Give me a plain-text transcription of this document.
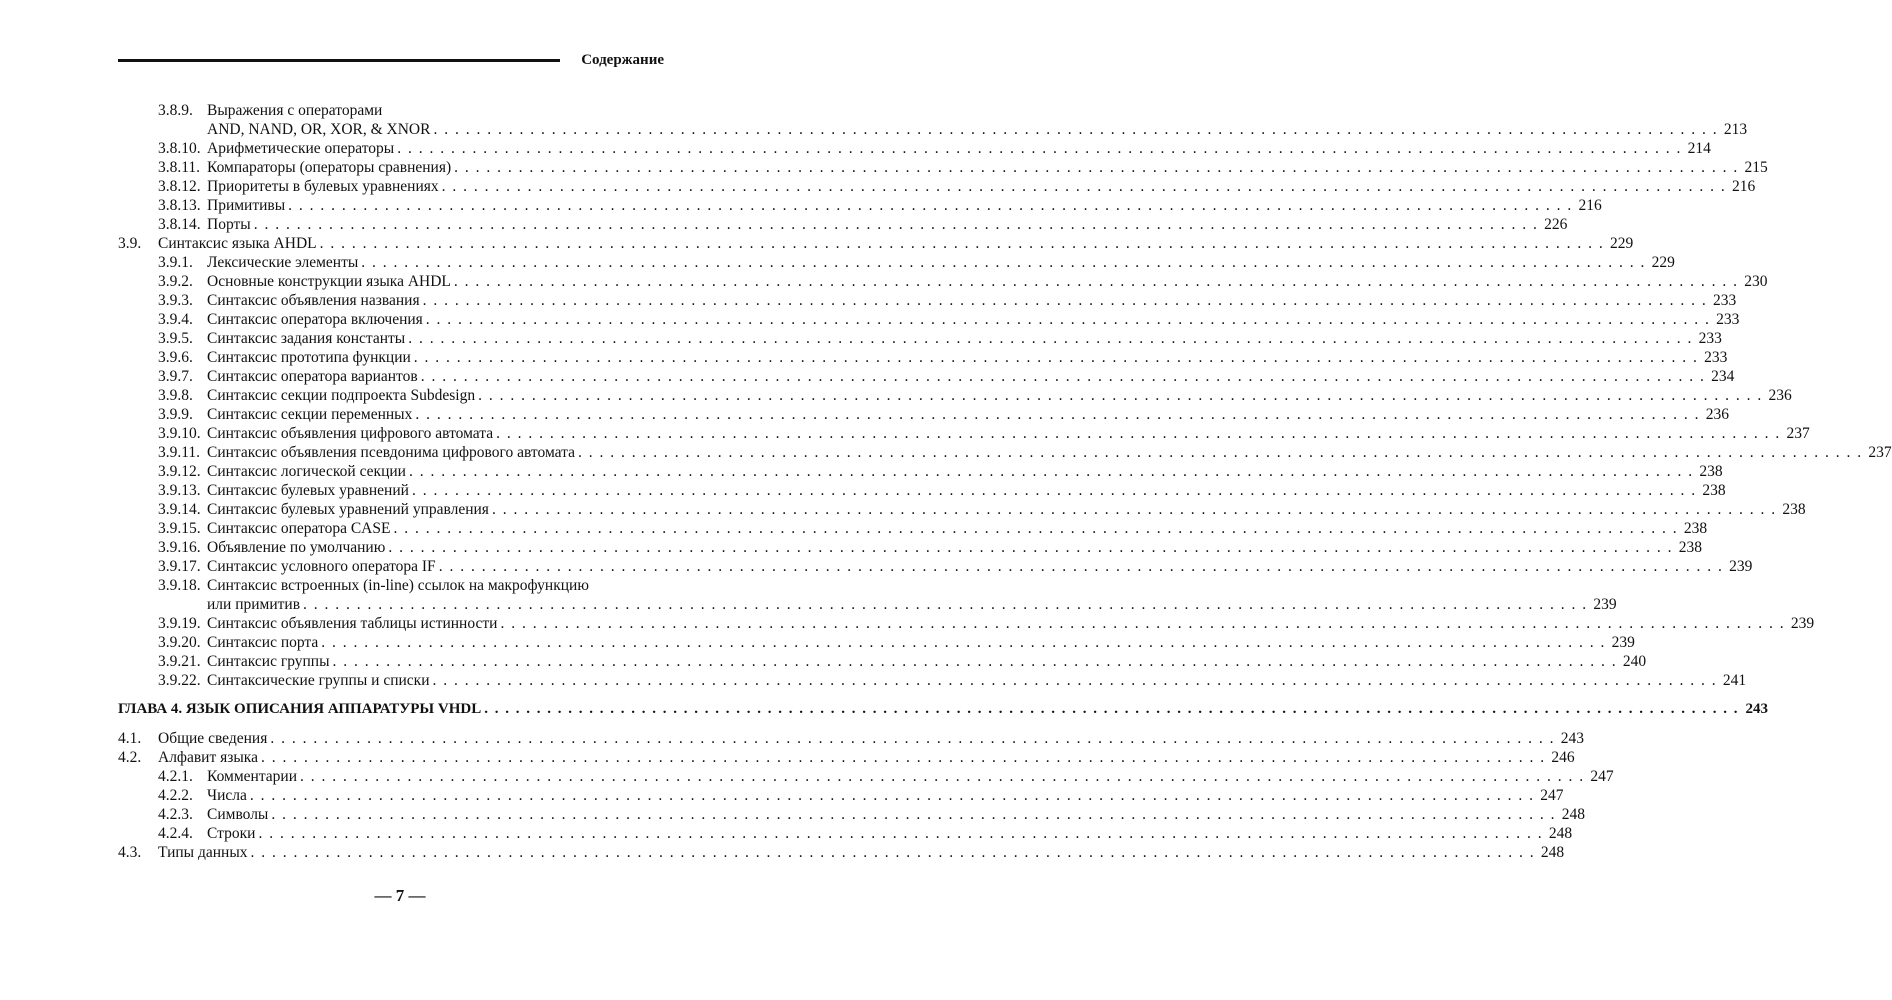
Содержание
3.8.9. Выражения с операторами
AND, NAND, OR, XOR, & XNOR . . . . . . . . . . . . . . . . . . . . . . . . . . . . . . . . . . . . . . . . . . . . . . . . . . . . . . . . . . . . . . . . . . . . . . . . . . . . . . . . . . . . . . . . . . . . . . . . . . . . . . . . . . . . . . . . . . . . . . . . 213
3.8.10. Арифметические операторы . . . . . . . . . . . . . . . . . . . . . . . . . . . . . . . . . . . . . . . . . . . . . . . . . . . . . . . . . . . . . . . . . . . . . . . . . . . . . . . . . . . . . . . . . . . . . . . . . . . . . . . . . . . . . . . . . . . . . . . . 214
3.8.11. Компараторы (операторы сравнения) . . . . . . . . . . . . . . . . . . . . . . . . . . . . . . . . . . . . . . . . . . . . . . . . . . . . . . . . . . . . . . . . . . . . . . . . . . . . . . . . . . . . . . . . . . . . . . . . . . . . . . . . . . . . . . . . . . . . . . . . 215
3.8.12. Приоритеты в булевых уравнениях . . . . . . . . . . . . . . . . . . . . . . . . . . . . . . . . . . . . . . . . . . . . . . . . . . . . . . . . . . . . . . . . . . . . . . . . . . . . . . . . . . . . . . . . . . . . . . . . . . . . . . . . . . . . . . . . . . . . . . . . 216
3.8.13. Примитивы . . . . . . . . . . . . . . . . . . . . . . . . . . . . . . . . . . . . . . . . . . . . . . . . . . . . . . . . . . . . . . . . . . . . . . . . . . . . . . . . . . . . . . . . . . . . . . . . . . . . . . . . . . . . . . . . . . . . . . . . 216
3.8.14. Порты . . . . . . . . . . . . . . . . . . . . . . . . . . . . . . . . . . . . . . . . . . . . . . . . . . . . . . . . . . . . . . . . . . . . . . . . . . . . . . . . . . . . . . . . . . . . . . . . . . . . . . . . . . . . . . . . . . . . . . . . 226
3.9. Синтаксис языка AHDL . . . . . . . . . . . . . . . . . . . . . . . . . . . . . . . . . . . . . . . . . . . . . . . . . . . . . . . . . . . . . . . . . . . . . . . . . . . . . . . . . . . . . . . . . . . . . . . . . . . . . . . . . . . . . . . . . . . . . . . . 229
3.9.1. Лексические элементы . . . . . . . . . . . . . . . . . . . . . . . . . . . . . . . . . . . . . . . . . . . . . . . . . . . . . . . . . . . . . . . . . . . . . . . . . . . . . . . . . . . . . . . . . . . . . . . . . . . . . . . . . . . . . . . . . . . . . . . . 229
3.9.2. Основные конструкции языка AHDL . . . . . . . . . . . . . . . . . . . . . . . . . . . . . . . . . . . . . . . . . . . . . . . . . . . . . . . . . . . . . . . . . . . . . . . . . . . . . . . . . . . . . . . . . . . . . . . . . . . . . . . . . . . . . . . . . . . . . . . . 230
3.9.3. Синтаксис объявления названия . . . . . . . . . . . . . . . . . . . . . . . . . . . . . . . . . . . . . . . . . . . . . . . . . . . . . . . . . . . . . . . . . . . . . . . . . . . . . . . . . . . . . . . . . . . . . . . . . . . . . . . . . . . . . . . . . . . . . . . . 233
3.9.4. Синтаксис оператора включения . . . . . . . . . . . . . . . . . . . . . . . . . . . . . . . . . . . . . . . . . . . . . . . . . . . . . . . . . . . . . . . . . . . . . . . . . . . . . . . . . . . . . . . . . . . . . . . . . . . . . . . . . . . . . . . . . . . . . . . . 233
3.9.5. Синтаксис задания константы . . . . . . . . . . . . . . . . . . . . . . . . . . . . . . . . . . . . . . . . . . . . . . . . . . . . . . . . . . . . . . . . . . . . . . . . . . . . . . . . . . . . . . . . . . . . . . . . . . . . . . . . . . . . . . . . . . . . . . . . 233
3.9.6. Синтаксис прототипа функции . . . . . . . . . . . . . . . . . . . . . . . . . . . . . . . . . . . . . . . . . . . . . . . . . . . . . . . . . . . . . . . . . . . . . . . . . . . . . . . . . . . . . . . . . . . . . . . . . . . . . . . . . . . . . . . . . . . . . . . . 233
3.9.7. Синтаксис оператора вариантов . . . . . . . . . . . . . . . . . . . . . . . . . . . . . . . . . . . . . . . . . . . . . . . . . . . . . . . . . . . . . . . . . . . . . . . . . . . . . . . . . . . . . . . . . . . . . . . . . . . . . . . . . . . . . . . . . . . . . . . . 234
3.9.8. Синтаксис секции подпроекта Subdesign . . . . . . . . . . . . . . . . . . . . . . . . . . . . . . . . . . . . . . . . . . . . . . . . . . . . . . . . . . . . . . . . . . . . . . . . . . . . . . . . . . . . . . . . . . . . . . . . . . . . . . . . . . . . . . . . . . . . . . . . 236
3.9.9. Синтаксис секции переменных . . . . . . . . . . . . . . . . . . . . . . . . . . . . . . . . . . . . . . . . . . . . . . . . . . . . . . . . . . . . . . . . . . . . . . . . . . . . . . . . . . . . . . . . . . . . . . . . . . . . . . . . . . . . . . . . . . . . . . . . 236
3.9.10. Синтаксис объявления цифрового автомата . . . . . . . . . . . . . . . . . . . . . . . . . . . . . . . . . . . . . . . . . . . . . . . . . . . . . . . . . . . . . . . . . . . . . . . . . . . . . . . . . . . . . . . . . . . . . . . . . . . . . . . . . . . . . . . . . . . . . . . . 237
3.9.11. Синтаксис объявления псевдонима цифрового автомата . . . . . . . . . . . . . . . . . . . . . . . . . . . . . . . . . . . . . . . . . . . . . . . . . . . . . . . . . . . . . . . . . . . . . . . . . . . . . . . . . . . . . . . . . . . . . . . . . . . . . . . . . . . . . . . . . . . . . . . . 237
3.9.12. Синтаксис логической секции . . . . . . . . . . . . . . . . . . . . . . . . . . . . . . . . . . . . . . . . . . . . . . . . . . . . . . . . . . . . . . . . . . . . . . . . . . . . . . . . . . . . . . . . . . . . . . . . . . . . . . . . . . . . . . . . . . . . . . . . 238
3.9.13. Синтаксис булевых уравнений . . . . . . . . . . . . . . . . . . . . . . . . . . . . . . . . . . . . . . . . . . . . . . . . . . . . . . . . . . . . . . . . . . . . . . . . . . . . . . . . . . . . . . . . . . . . . . . . . . . . . . . . . . . . . . . . . . . . . . . . 238
3.9.14. Синтаксис булевых уравнений управления . . . . . . . . . . . . . . . . . . . . . . . . . . . . . . . . . . . . . . . . . . . . . . . . . . . . . . . . . . . . . . . . . . . . . . . . . . . . . . . . . . . . . . . . . . . . . . . . . . . . . . . . . . . . . . . . . . . . . . . . 238
3.9.15. Синтаксис оператора CASE . . . . . . . . . . . . . . . . . . . . . . . . . . . . . . . . . . . . . . . . . . . . . . . . . . . . . . . . . . . . . . . . . . . . . . . . . . . . . . . . . . . . . . . . . . . . . . . . . . . . . . . . . . . . . . . . . . . . . . . . 238
3.9.16. Объявление по умолчанию . . . . . . . . . . . . . . . . . . . . . . . . . . . . . . . . . . . . . . . . . . . . . . . . . . . . . . . . . . . . . . . . . . . . . . . . . . . . . . . . . . . . . . . . . . . . . . . . . . . . . . . . . . . . . . . . . . . . . . . . 238
3.9.17. Синтаксис условного оператора IF . . . . . . . . . . . . . . . . . . . . . . . . . . . . . . . . . . . . . . . . . . . . . . . . . . . . . . . . . . . . . . . . . . . . . . . . . . . . . . . . . . . . . . . . . . . . . . . . . . . . . . . . . . . . . . . . . . . . . . . . 239
3.9.18. Синтаксис встроенных (in-line) ссылок на макрофункцию
или примитив . . . . . . . . . . . . . . . . . . . . . . . . . . . . . . . . . . . . . . . . . . . . . . . . . . . . . . . . . . . . . . . . . . . . . . . . . . . . . . . . . . . . . . . . . . . . . . . . . . . . . . . . . . . . . . . . . . . . . . . . 239
3.9.19. Синтаксис объявления таблицы истинности . . . . . . . . . . . . . . . . . . . . . . . . . . . . . . . . . . . . . . . . . . . . . . . . . . . . . . . . . . . . . . . . . . . . . . . . . . . . . . . . . . . . . . . . . . . . . . . . . . . . . . . . . . . . . . . . . . . . . . . . 239
3.9.20. Синтаксис порта . . . . . . . . . . . . . . . . . . . . . . . . . . . . . . . . . . . . . . . . . . . . . . . . . . . . . . . . . . . . . . . . . . . . . . . . . . . . . . . . . . . . . . . . . . . . . . . . . . . . . . . . . . . . . . . . . . . . . . . . 239
3.9.21. Синтаксис группы . . . . . . . . . . . . . . . . . . . . . . . . . . . . . . . . . . . . . . . . . . . . . . . . . . . . . . . . . . . . . . . . . . . . . . . . . . . . . . . . . . . . . . . . . . . . . . . . . . . . . . . . . . . . . . . . . . . . . . . . 240
3.9.22. Синтаксические группы и списки . . . . . . . . . . . . . . . . . . . . . . . . . . . . . . . . . . . . . . . . . . . . . . . . . . . . . . . . . . . . . . . . . . . . . . . . . . . . . . . . . . . . . . . . . . . . . . . . . . . . . . . . . . . . . . . . . . . . . . . . 241
ГЛАВА 4. ЯЗЫК ОПИСАНИЯ АППАРАТУРЫ VHDL . . . . . . . . . . . . . . . . . . . . . . . . . . . . . . . . . . . . . . . . . . . . . . . . . . . . . . . . . . . . . . . . . . . . . . . . . . . . . . . . . . . . . . . . . . . . . . . . . . . . . . . . . . . . . . . . . . . . . . . . 243
4.1. Общие сведения . . . . . . . . . . . . . . . . . . . . . . . . . . . . . . . . . . . . . . . . . . . . . . . . . . . . . . . . . . . . . . . . . . . . . . . . . . . . . . . . . . . . . . . . . . . . . . . . . . . . . . . . . . . . . . . . . . . . . . . . 243
4.2. Алфавит языка . . . . . . . . . . . . . . . . . . . . . . . . . . . . . . . . . . . . . . . . . . . . . . . . . . . . . . . . . . . . . . . . . . . . . . . . . . . . . . . . . . . . . . . . . . . . . . . . . . . . . . . . . . . . . . . . . . . . . . . . 246
4.2.1. Комментарии . . . . . . . . . . . . . . . . . . . . . . . . . . . . . . . . . . . . . . . . . . . . . . . . . . . . . . . . . . . . . . . . . . . . . . . . . . . . . . . . . . . . . . . . . . . . . . . . . . . . . . . . . . . . . . . . . . . . . . . . 247
4.2.2. Числа . . . . . . . . . . . . . . . . . . . . . . . . . . . . . . . . . . . . . . . . . . . . . . . . . . . . . . . . . . . . . . . . . . . . . . . . . . . . . . . . . . . . . . . . . . . . . . . . . . . . . . . . . . . . . . . . . . . . . . . . 247
4.2.3. Символы . . . . . . . . . . . . . . . . . . . . . . . . . . . . . . . . . . . . . . . . . . . . . . . . . . . . . . . . . . . . . . . . . . . . . . . . . . . . . . . . . . . . . . . . . . . . . . . . . . . . . . . . . . . . . . . . . . . . . . . . 248
4.2.4. Строки . . . . . . . . . . . . . . . . . . . . . . . . . . . . . . . . . . . . . . . . . . . . . . . . . . . . . . . . . . . . . . . . . . . . . . . . . . . . . . . . . . . . . . . . . . . . . . . . . . . . . . . . . . . . . . . . . . . . . . . . 248
4.3. Типы данных . . . . . . . . . . . . . . . . . . . . . . . . . . . . . . . . . . . . . . . . . . . . . . . . . . . . . . . . . . . . . . . . . . . . . . . . . . . . . . . . . . . . . . . . . . . . . . . . . . . . . . . . . . . . . . . . . . . . . . . . 248
— 7 —
